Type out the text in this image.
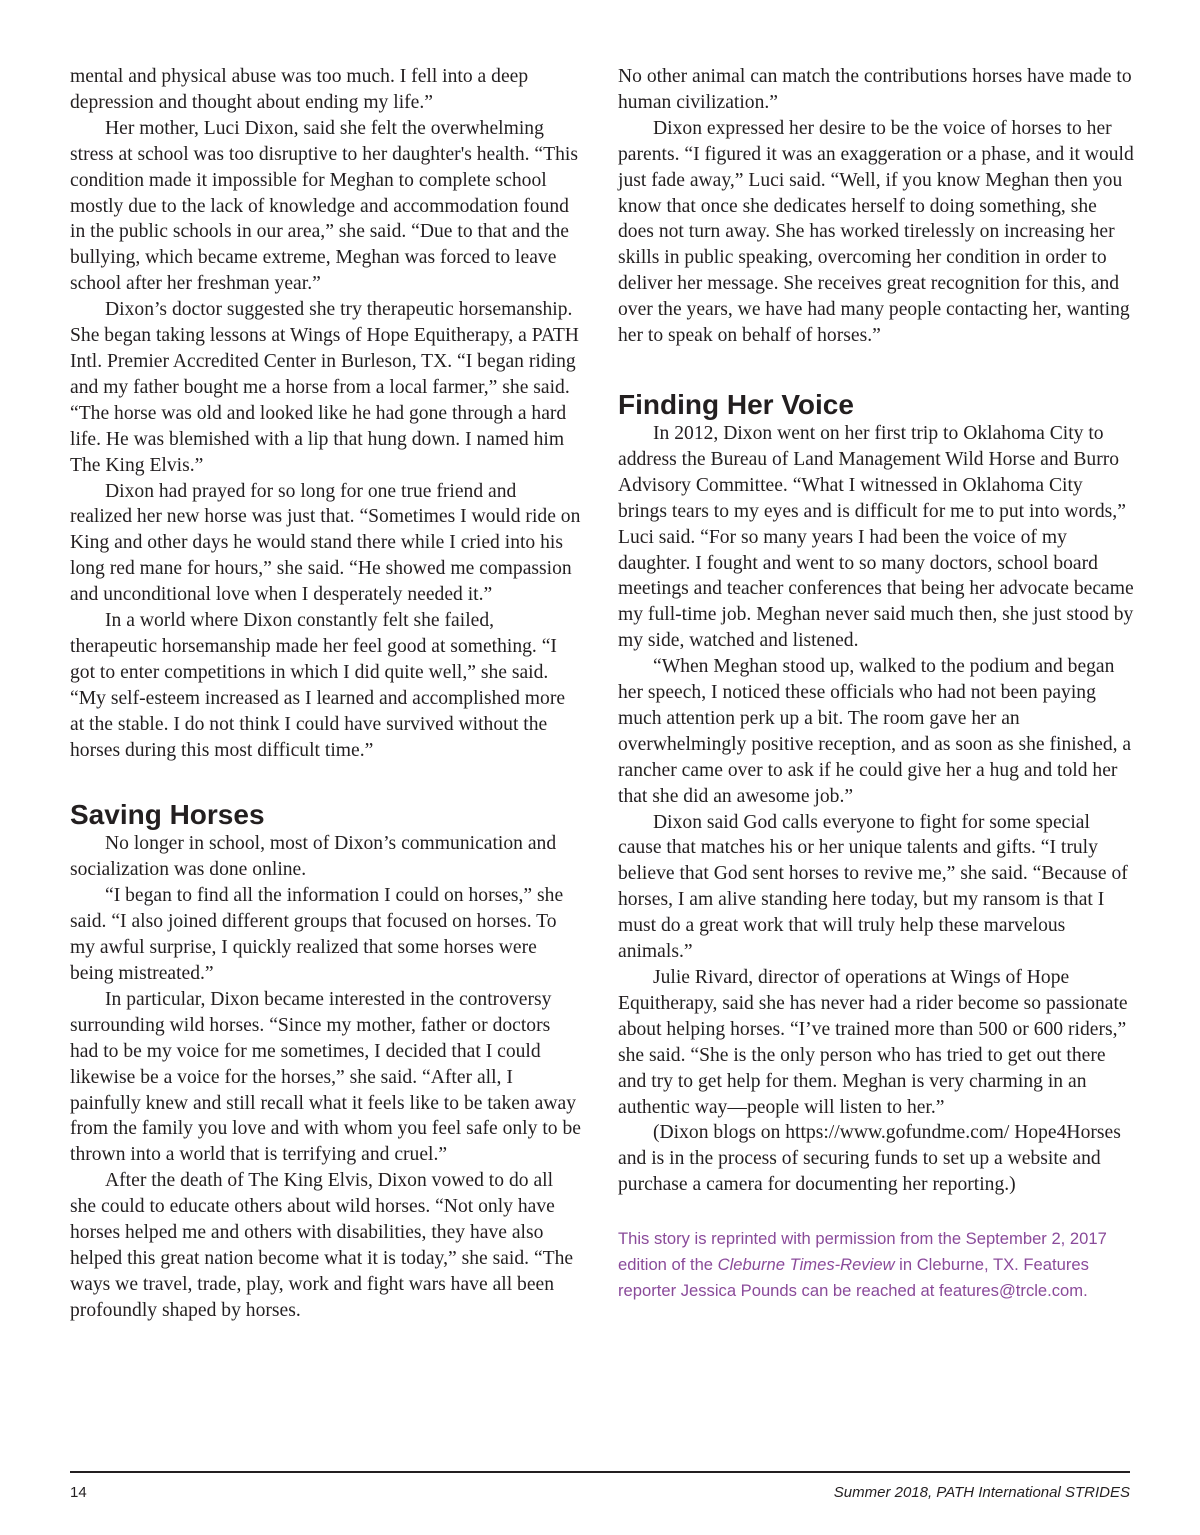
mental and physical abuse was too much. I fell into a deep depression and thought about ending my life.”

Her mother, Luci Dixon, said she felt the overwhelming stress at school was too disruptive to her daughter's health. “This condition made it impossible for Meghan to complete school mostly due to the lack of knowledge and accommodation found in the public schools in our area,” she said. “Due to that and the bullying, which became extreme, Meghan was forced to leave school after her freshman year.”

Dixon’s doctor suggested she try therapeutic horsemanship. She began taking lessons at Wings of Hope Equitherapy, a PATH Intl. Premier Accredited Center in Burleson, TX. “I began riding and my father bought me a horse from a local farmer,” she said. “The horse was old and looked like he had gone through a hard life. He was blemished with a lip that hung down. I named him The King Elvis.”

Dixon had prayed for so long for one true friend and realized her new horse was just that. “Sometimes I would ride on King and other days he would stand there while I cried into his long red mane for hours,” she said. “He showed me compassion and unconditional love when I desperately needed it.”

In a world where Dixon constantly felt she failed, therapeutic horsemanship made her feel good at something. “I got to enter competitions in which I did quite well,” she said. “My self-esteem increased as I learned and accomplished more at the stable. I do not think I could have survived without the horses during this most difficult time.”

Saving Horses

No longer in school, most of Dixon’s communication and socialization was done online.

“I began to find all the information I could on horses,” she said. “I also joined different groups that focused on horses. To my awful surprise, I quickly realized that some horses were being mistreated.”

In particular, Dixon became interested in the controversy surrounding wild horses. “Since my mother, father or doctors had to be my voice for me sometimes, I decided that I could likewise be a voice for the horses,” she said. “After all, I painfully knew and still recall what it feels like to be taken away from the family you love and with whom you feel safe only to be thrown into a world that is terrifying and cruel.”

After the death of The King Elvis, Dixon vowed to do all she could to educate others about wild horses. “Not only have horses helped me and others with disabilities, they have also helped this great nation become what it is today,” she said. “The ways we travel, trade, play, work and fight wars have all been profoundly shaped by horses.

No other animal can match the contributions horses have made to human civilization.”

Dixon expressed her desire to be the voice of horses to her parents. “I figured it was an exaggeration or a phase, and it would just fade away,” Luci said. “Well, if you know Meghan then you know that once she dedicates herself to doing something, she does not turn away. She has worked tirelessly on increasing her skills in public speaking, overcoming her condition in order to deliver her message. She receives great recognition for this, and over the years, we have had many people contacting her, wanting her to speak on behalf of horses.”

Finding Her Voice

In 2012, Dixon went on her first trip to Oklahoma City to address the Bureau of Land Management Wild Horse and Burro Advisory Committee. “What I witnessed in Oklahoma City brings tears to my eyes and is difficult for me to put into words,” Luci said. “For so many years I had been the voice of my daughter. I fought and went to so many doctors, school board meetings and teacher conferences that being her advocate became my full-time job. Meghan never said much then, she just stood by my side, watched and listened.

“When Meghan stood up, walked to the podium and began her speech, I noticed these officials who had not been paying much attention perk up a bit. The room gave her an overwhelmingly positive reception, and as soon as she finished, a rancher came over to ask if he could give her a hug and told her that she did an awesome job.”

Dixon said God calls everyone to fight for some special cause that matches his or her unique talents and gifts. “I truly believe that God sent horses to revive me,” she said. “Because of horses, I am alive standing here today, but my ransom is that I must do a great work that will truly help these marvelous animals.”

Julie Rivard, director of operations at Wings of Hope Equitherapy, said she has never had a rider become so passionate about helping horses. “I’ve trained more than 500 or 600 riders,” she said. “She is the only person who has tried to get out there and try to get help for them. Meghan is very charming in an authentic way—people will listen to her.”

(Dixon blogs on https://www.gofundme.com/ Hope4Horses and is in the process of securing funds to set up a website and purchase a camera for documenting her reporting.)

This story is reprinted with permission from the September 2, 2017 edition of the Cleburne Times-Review in Cleburne, TX. Features reporter Jessica Pounds can be reached at features@trcle.com.

14	Summer 2018, PATH International STRIDES
